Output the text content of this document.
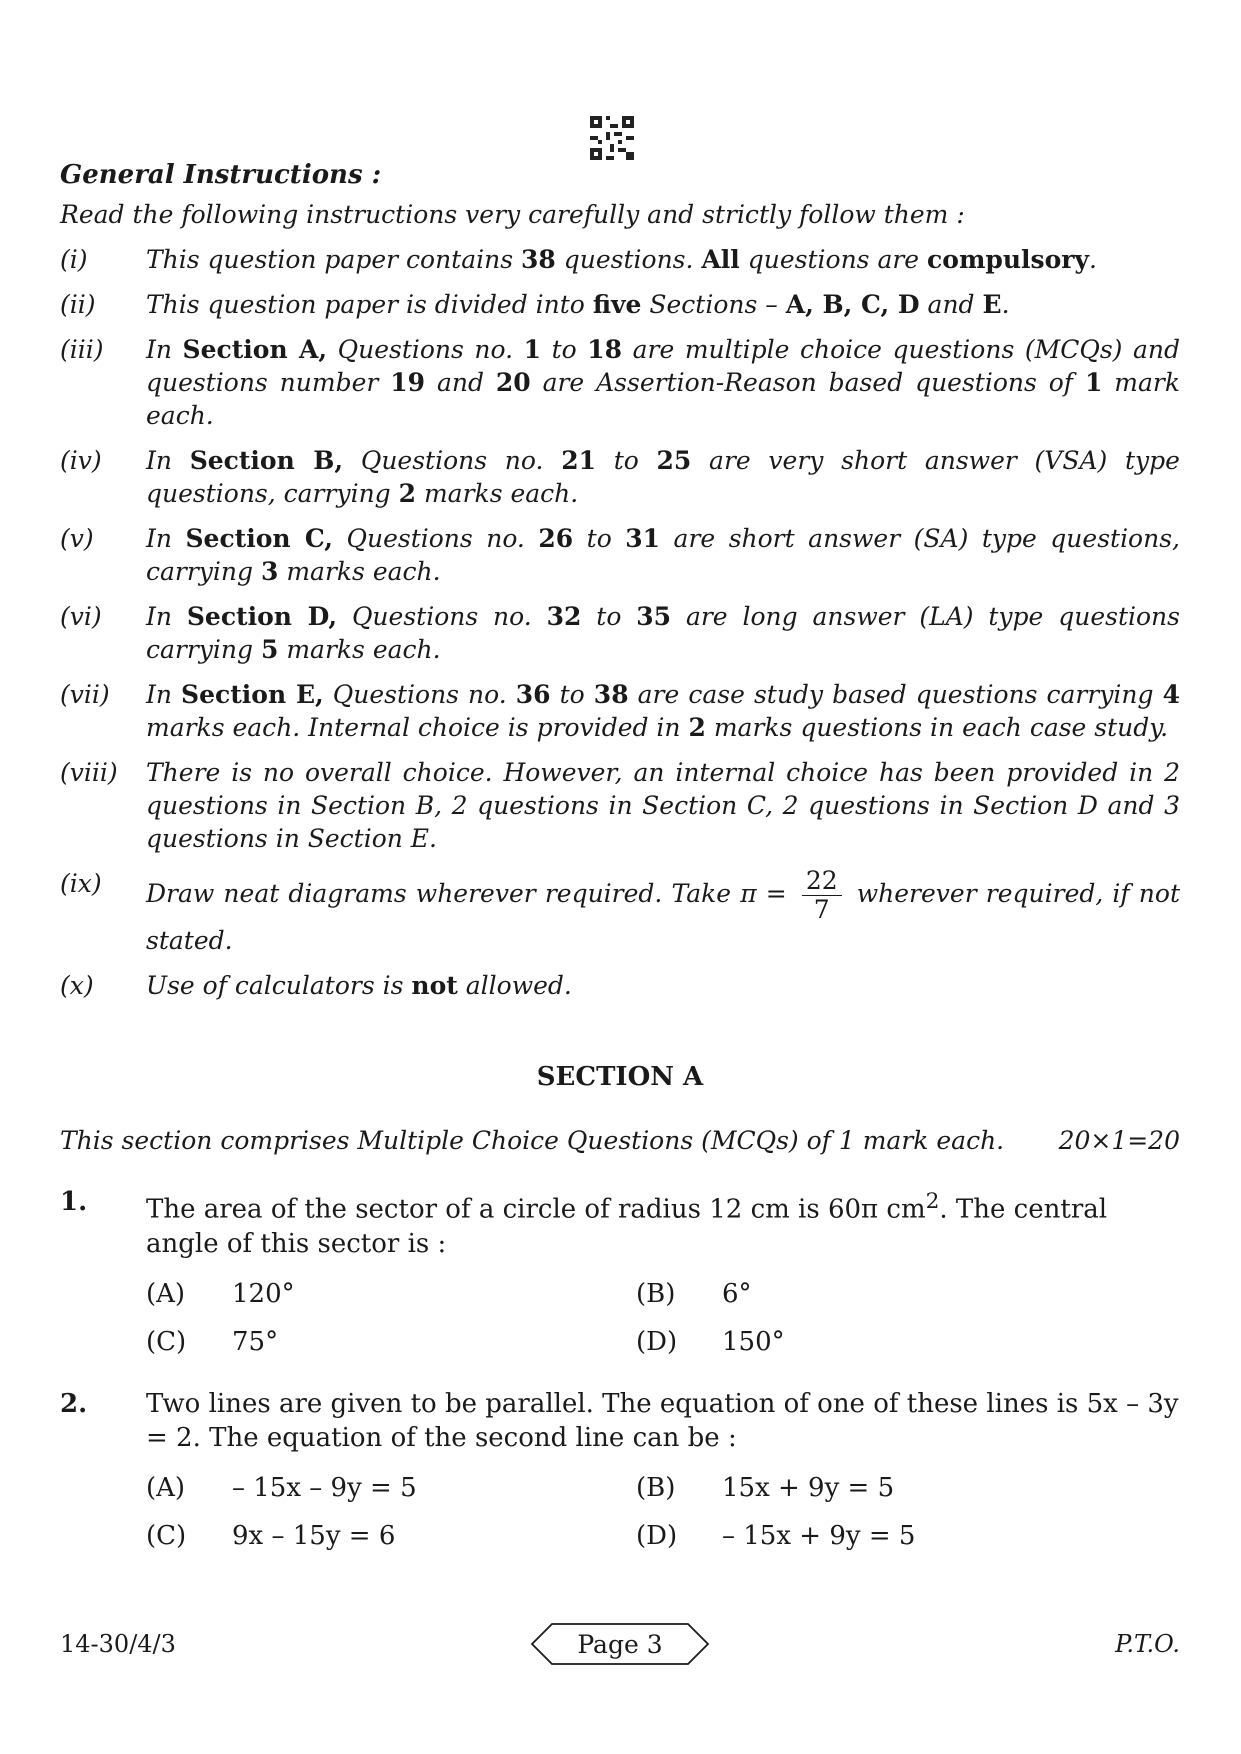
General Instructions :
Read the following instructions very carefully and strictly follow them :
(i)	This question paper contains 38 questions. All questions are compulsory.
(ii)	This question paper is divided into five Sections – A, B, C, D and E.
(iii)	In Section A, Questions no. 1 to 18 are multiple choice questions (MCQs) and questions number 19 and 20 are Assertion-Reason based questions of 1 mark each.
(iv)	In Section B, Questions no. 21 to 25 are very short answer (VSA) type questions, carrying 2 marks each.
(v)	In Section C, Questions no. 26 to 31 are short answer (SA) type questions, carrying 3 marks each.
(vi)	In Section D, Questions no. 32 to 35 are long answer (LA) type questions carrying 5 marks each.
(vii)	In Section E, Questions no. 36 to 38 are case study based questions carrying 4 marks each. Internal choice is provided in 2 marks questions in each case study.
(viii)	There is no overall choice. However, an internal choice has been provided in 2 questions in Section B, 2 questions in Section C, 2 questions in Section D and 3 questions in Section E.
(ix)	Draw neat diagrams wherever required. Take $\pi = \frac{22}{7}$ wherever required, if not stated.
(x)	Use of calculators is not allowed.
SECTION A
This section comprises Multiple Choice Questions (MCQs) of 1 mark each. 20×1=20
1.	The area of the sector of a circle of radius 12 cm is 60π $cm^2$. The central angle of this sector is :
(A)	120°	(B)	6°
(C)	75°	(D)	150°
2.	Two lines are given to be parallel. The equation of one of these lines is 5x – 3y = 2. The equation of the second line can be :
(A)	– 15x – 9y = 5	(B)	15x + 9y = 5
(C)	9x – 15y = 6	(D)	– 15x + 9y = 5
14-30/4/3	Page 3	P.T.O.
